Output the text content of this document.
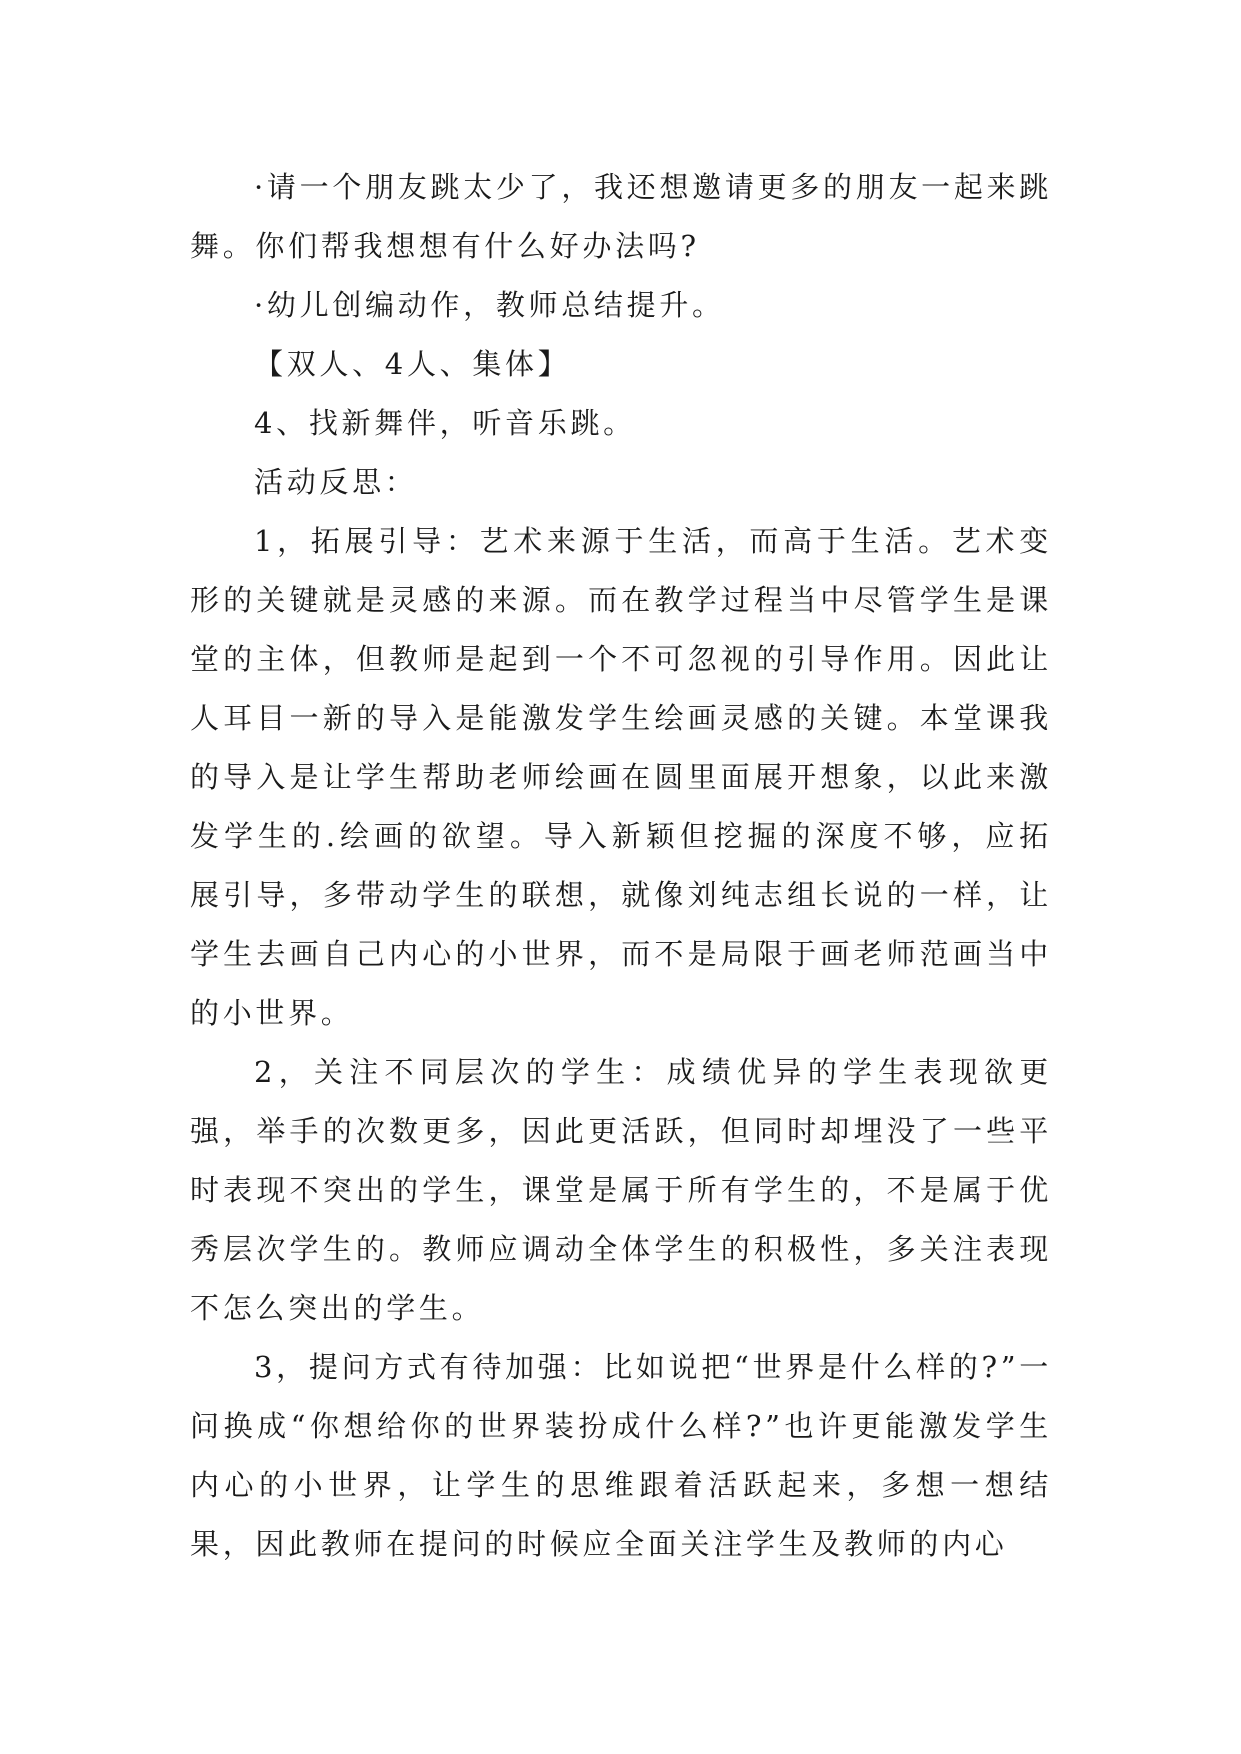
·请一个朋友跳太少了，我还想邀请更多的朋友一起来跳舞。你们帮我想想有什么好办法吗?

·幼儿创编动作，教师总结提升。

【双人、4人、集体】

4、找新舞伴，听音乐跳。

活动反思：

1，拓展引导：艺术来源于生活，而高于生活。艺术变形的关键就是灵感的来源。而在教学过程当中尽管学生是课堂的主体，但教师是起到一个不可忽视的引导作用。因此让人耳目一新的导入是能激发学生绘画灵感的关键。本堂课我的导入是让学生帮助老师绘画在圆里面展开想象，以此来激发学生的.绘画的欲望。导入新颖但挖掘的深度不够，应拓展引导，多带动学生的联想，就像刘纯志组长说的一样，让学生去画自己内心的小世界，而不是局限于画老师范画当中的小世界。

2，关注不同层次的学生：成绩优异的学生表现欲更强，举手的次数更多，因此更活跃，但同时却埋没了一些平时表现不突出的学生，课堂是属于所有学生的，不是属于优秀层次学生的。教师应调动全体学生的积极性，多关注表现不怎么突出的学生。

3，提问方式有待加强：比如说把“世界是什么样的?”一问换成“你想给你的世界装扮成什么样?”也许更能激发学生内心的小世界，让学生的思维跟着活跃起来，多想一想结果，因此教师在提问的时候应全面关注学生及教师的内心
